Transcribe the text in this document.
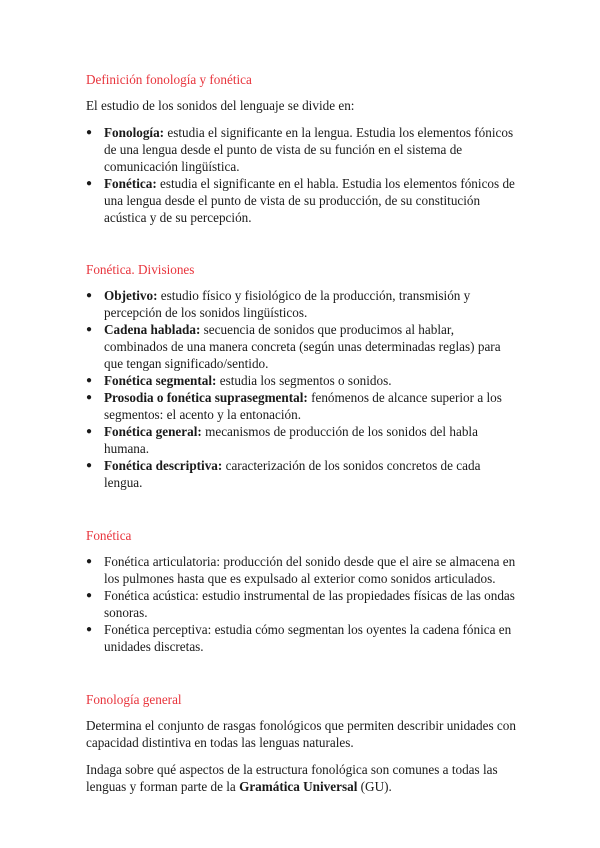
Definición fonología y fonética

El estudio de los sonidos del lenguaje se divide en:

● Fonología: estudia el significante en la lengua. Estudia los elementos fónicos de una lengua desde el punto de vista de su función en el sistema de comunicación lingüística.
● Fonética: estudia el significante en el habla. Estudia los elementos fónicos de una lengua desde el punto de vista de su producción, de su constitución acústica y de su percepción.
Fonética. Divisiones
● Objetivo: estudio físico y fisiológico de la producción, transmisión y percepción de los sonidos lingüísticos.
● Cadena hablada: secuencia de sonidos que producimos al hablar, combinados de una manera concreta (según unas determinadas reglas) para que tengan significado/sentido.
● Fonética segmental: estudia los segmentos o sonidos.
● Prosodia o fonética suprasegmental: fenómenos de alcance superior a los segmentos: el acento y la entonación.
● Fonética general: mecanismos de producción de los sonidos del habla humana.
● Fonética descriptiva: caracterización de los sonidos concretos de cada lengua.
Fonética
● Fonética articulatoria: producción del sonido desde que el aire se almacena en los pulmones hasta que es expulsado al exterior como sonidos articulados.
● Fonética acústica: estudio instrumental de las propiedades físicas de las ondas sonoras.
● Fonética perceptiva: estudia cómo segmentan los oyentes la cadena fónica en unidades discretas.
Fonología general

Determina el conjunto de rasgas fonológicos que permiten describir unidades con capacidad distintiva en todas las lenguas naturales.

Indaga sobre qué aspectos de la estructura fonológica son comunes a todas las lenguas y forman parte de la Gramática Universal (GU).
